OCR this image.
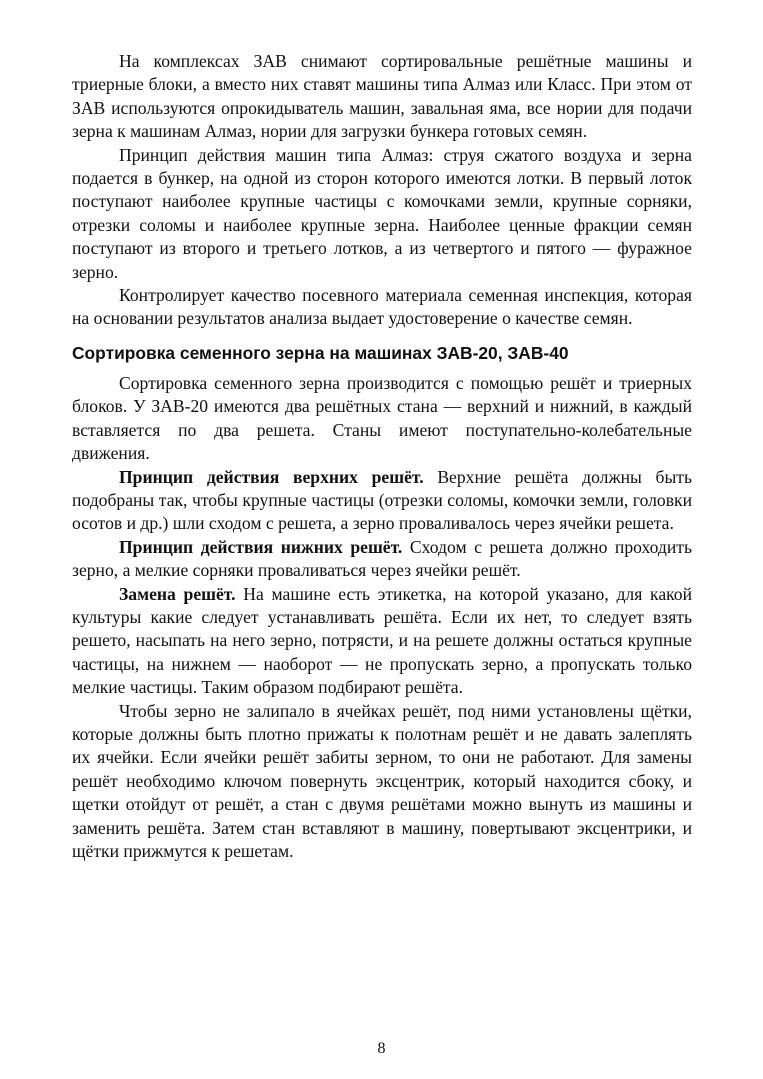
На комплексах ЗАВ снимают сортировальные решётные машины и триерные блоки, а вместо них ставят машины типа Алмаз или Класс. При этом от ЗАВ используются опрокидыватель машин, завальная яма, все нории для подачи зерна к машинам Алмаз, нории для загрузки бункера готовых семян.

Принцип действия машин типа Алмаз: струя сжатого воздуха и зерна подается в бункер, на одной из сторон которого имеются лотки. В первый лоток поступают наиболее крупные частицы с комочками земли, крупные сорняки, отрезки соломы и наиболее крупные зерна. Наиболее ценные фракции семян поступают из второго и третьего лотков, а из четвертого и пятого — фуражное зерно.

Контролирует качество посевного материала семенная инспекция, которая на основании результатов анализа выдает удостоверение о качестве семян.

Сортировка семенного зерна на машинах ЗАВ-20, ЗАВ-40

Сортировка семенного зерна производится с помощью решёт и триерных блоков. У ЗАВ-20 имеются два решётных стана — верхний и нижний, в каждый вставляется по два решета. Станы имеют поступательно-колебательные движения.

Принцип действия верхних решёт. Верхние решёта должны быть подобраны так, чтобы крупные частицы (отрезки соломы, комочки земли, головки осотов и др.) шли сходом с решета, а зерно проваливалось через ячейки решета.

Принцип действия нижних решёт. Сходом с решета должно проходить зерно, а мелкие сорняки проваливаться через ячейки решёт.

Замена решёт. На машине есть этикетка, на которой указано, для какой культуры какие следует устанавливать решёта. Если их нет, то следует взять решето, насыпать на него зерно, потрясти, и на решете должны остаться крупные частицы, на нижнем — наоборот — не пропускать зерно, а пропускать только мелкие частицы. Таким образом подбирают решёта.

Чтобы зерно не залипало в ячейках решёт, под ними установлены щётки, которые должны быть плотно прижаты к полотнам решёт и не давать залеплять их ячейки. Если ячейки решёт забиты зерном, то они не работают. Для замены решёт необходимо ключом повернуть эксцентрик, который находится сбоку, и щетки отойдут от решёт, а стан с двумя решётами можно вынуть из машины и заменить решёта. Затем стан вставляют в машину, повертывают эксцентрики, и щётки прижмутся к решетам.

8
